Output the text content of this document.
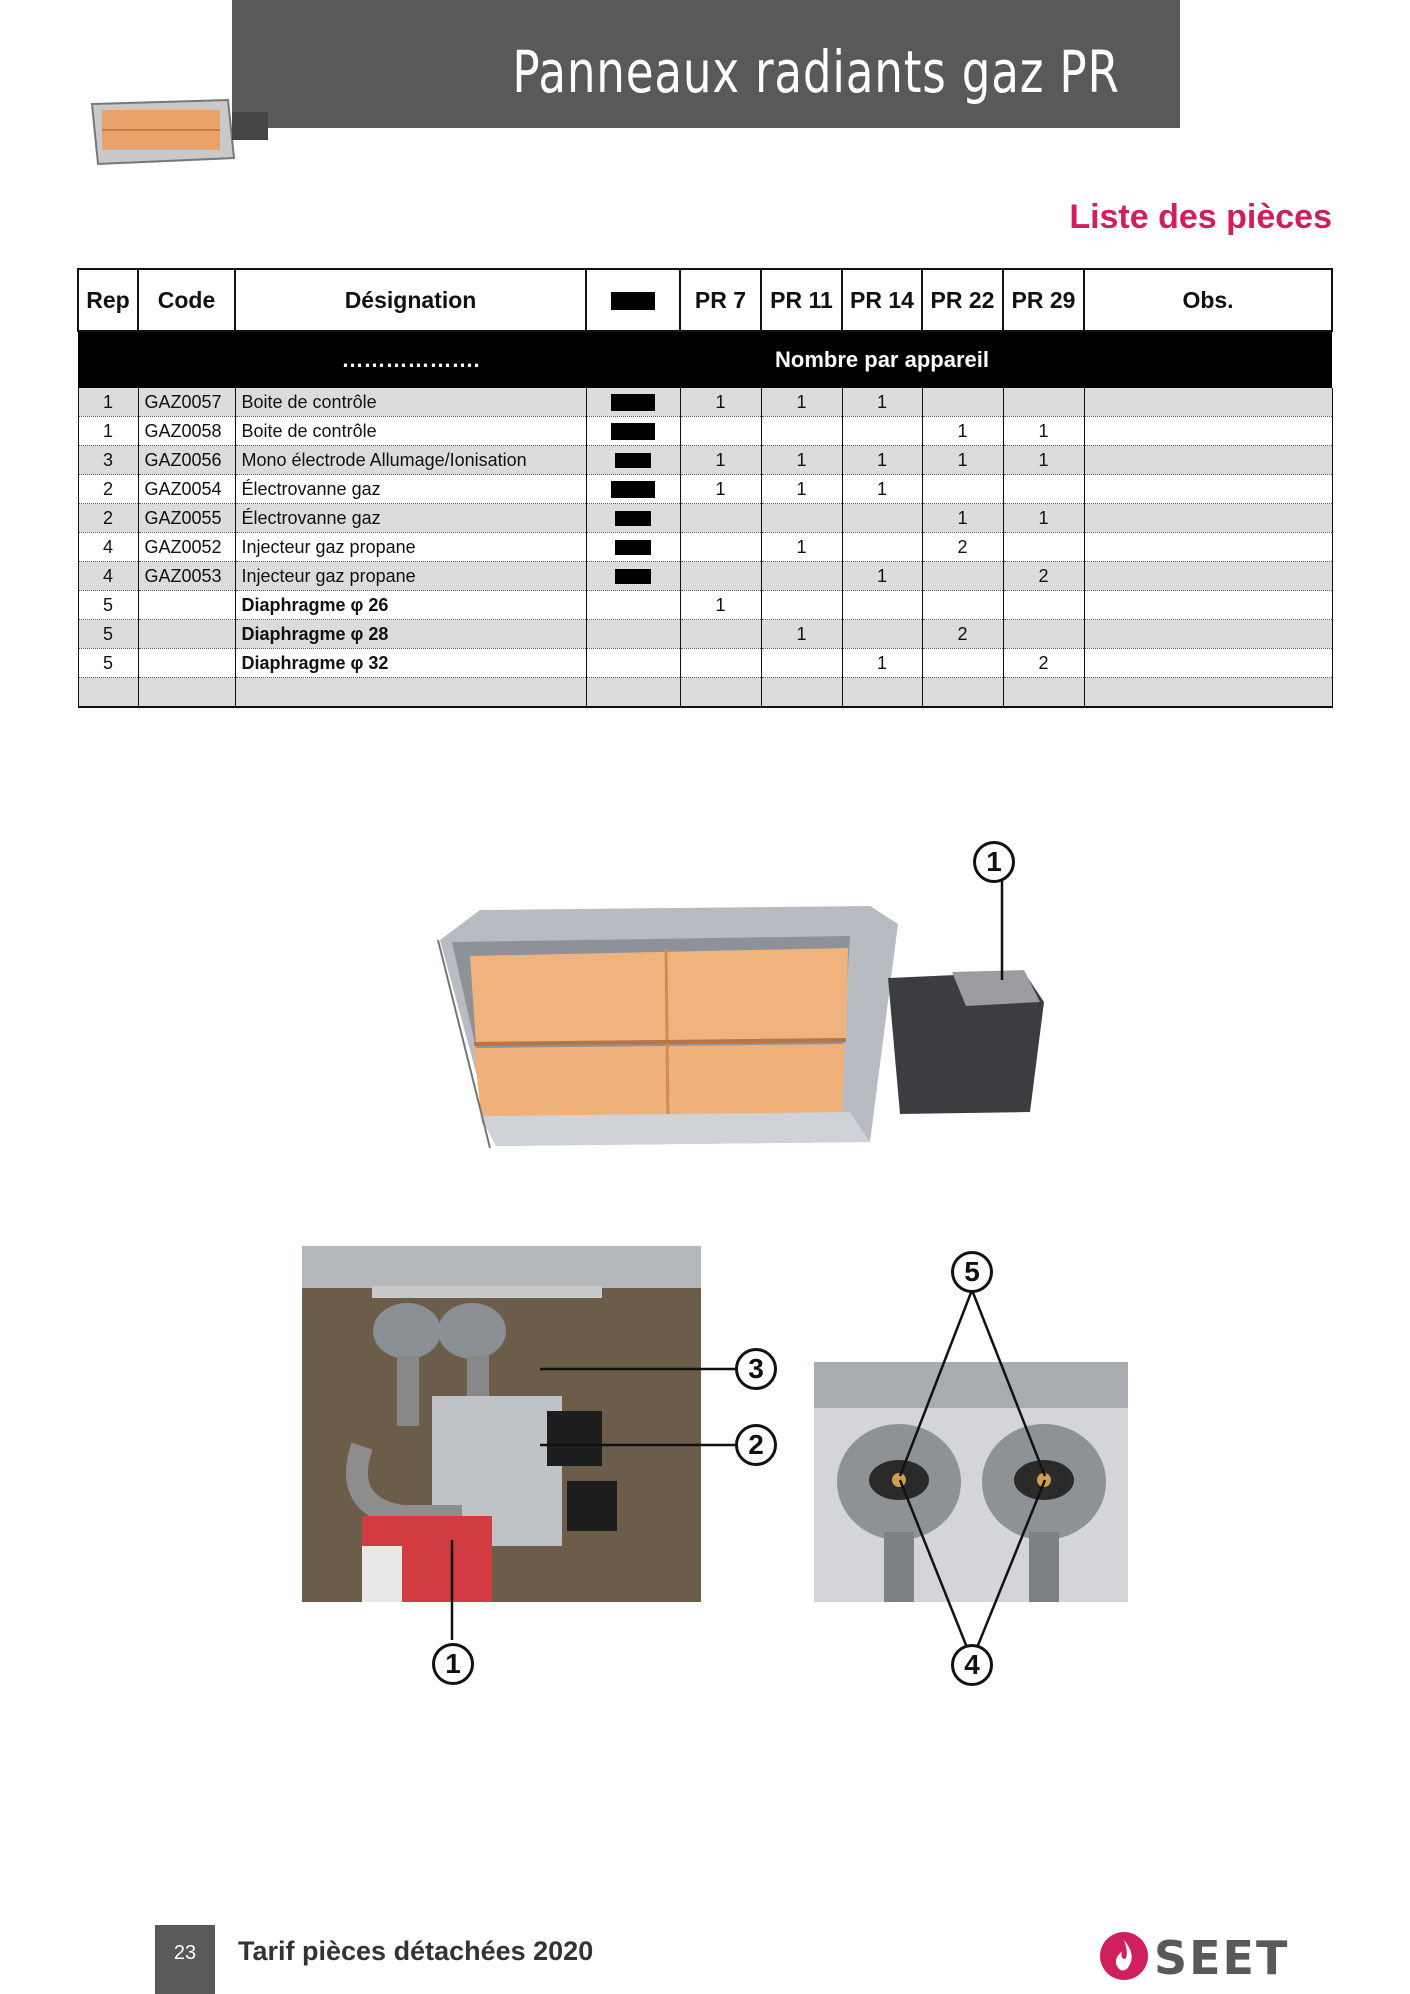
Panneaux radiants gaz PR
Liste des pièces
Rep	Code	Désignation		PR 7	PR 11	PR 14	PR 22	PR 29	Obs.
		……………….		Nombre par appareil					
1	GAZ0057	Boite de contrôle		1	1	1			
1	GAZ0058	Boite de contrôle					1	1	
3	GAZ0056	Mono électrode Allumage/Ionisation		1	1	1	1	1	
2	GAZ0054	Électrovanne gaz		1	1	1			
2	GAZ0055	Électrovanne gaz					1	1	
4	GAZ0052	Injecteur gaz propane			1		2		
4	GAZ0053	Injecteur gaz propane				1		2	
5		Diaphragme φ 26		1					
5		Diaphragme φ 28			1		2		
5		Diaphragme φ 32				1		2	

1
3
2
1
5
4
23	Tarif pièces détachées 2020	SEET
